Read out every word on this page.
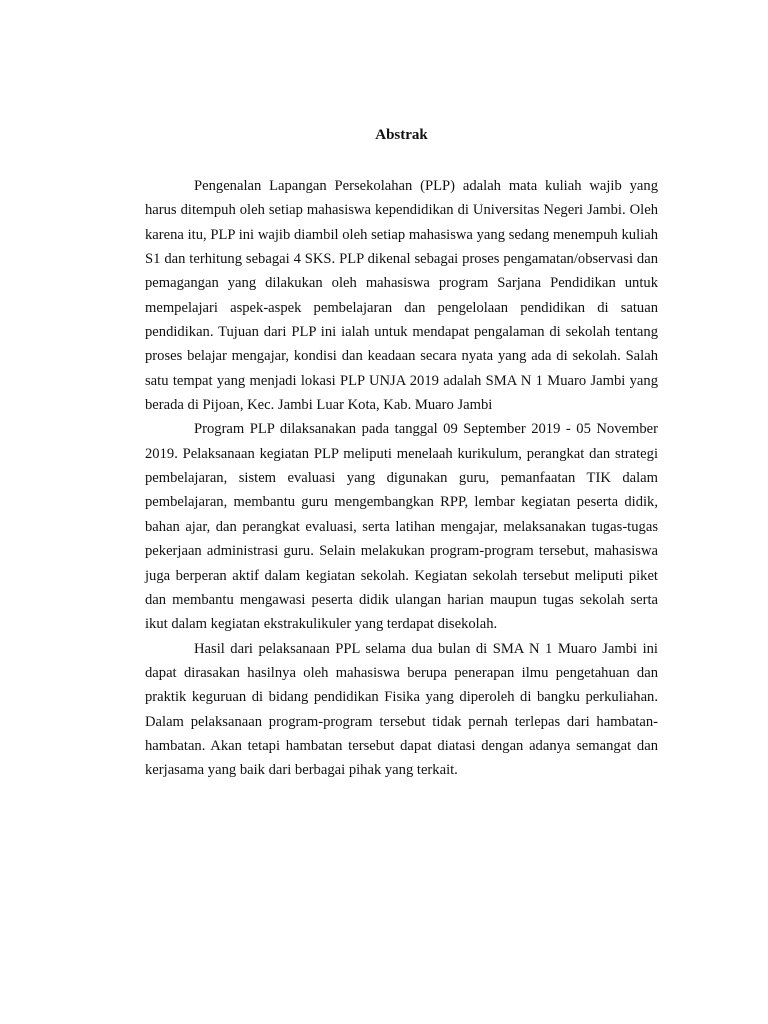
Abstrak

Pengenalan Lapangan Persekolahan (PLP) adalah mata kuliah wajib yang harus ditempuh oleh setiap mahasiswa kependidikan di Universitas Negeri Jambi. Oleh karena itu, PLP ini wajib diambil oleh setiap mahasiswa yang sedang menempuh kuliah S1 dan terhitung sebagai 4 SKS. PLP dikenal sebagai proses pengamatan/observasi dan pemagangan yang dilakukan oleh mahasiswa program Sarjana Pendidikan untuk mempelajari aspek-aspek pembelajaran dan pengelolaan pendidikan di satuan pendidikan. Tujuan dari PLP ini ialah untuk mendapat pengalaman di sekolah tentang proses belajar mengajar, kondisi dan keadaan secara nyata yang ada di sekolah. Salah satu tempat yang menjadi lokasi PLP UNJA 2019 adalah SMA N 1 Muaro Jambi yang berada di Pijoan, Kec. Jambi Luar Kota, Kab. Muaro Jambi

Program PLP dilaksanakan pada tanggal 09 September 2019 - 05 November 2019. Pelaksanaan kegiatan PLP meliputi menelaah kurikulum, perangkat dan strategi pembelajaran, sistem evaluasi yang digunakan guru, pemanfaatan TIK dalam pembelajaran, membantu guru mengembangkan RPP, lembar kegiatan peserta didik, bahan ajar, dan perangkat evaluasi, serta latihan mengajar, melaksanakan tugas-tugas pekerjaan administrasi guru. Selain melakukan program-program tersebut, mahasiswa juga berperan aktif dalam kegiatan sekolah. Kegiatan sekolah tersebut meliputi piket dan membantu mengawasi peserta didik ulangan harian maupun tugas sekolah serta ikut dalam kegiatan ekstrakulikuler yang terdapat disekolah.

Hasil dari pelaksanaan PPL selama dua bulan di SMA N 1 Muaro Jambi ini dapat dirasakan hasilnya oleh mahasiswa berupa penerapan ilmu pengetahuan dan praktik keguruan di bidang pendidikan Fisika yang diperoleh di bangku perkuliahan. Dalam pelaksanaan program-program tersebut tidak pernah terlepas dari hambatan-hambatan. Akan tetapi hambatan tersebut dapat diatasi dengan adanya semangat dan kerjasama yang baik dari berbagai pihak yang terkait.
